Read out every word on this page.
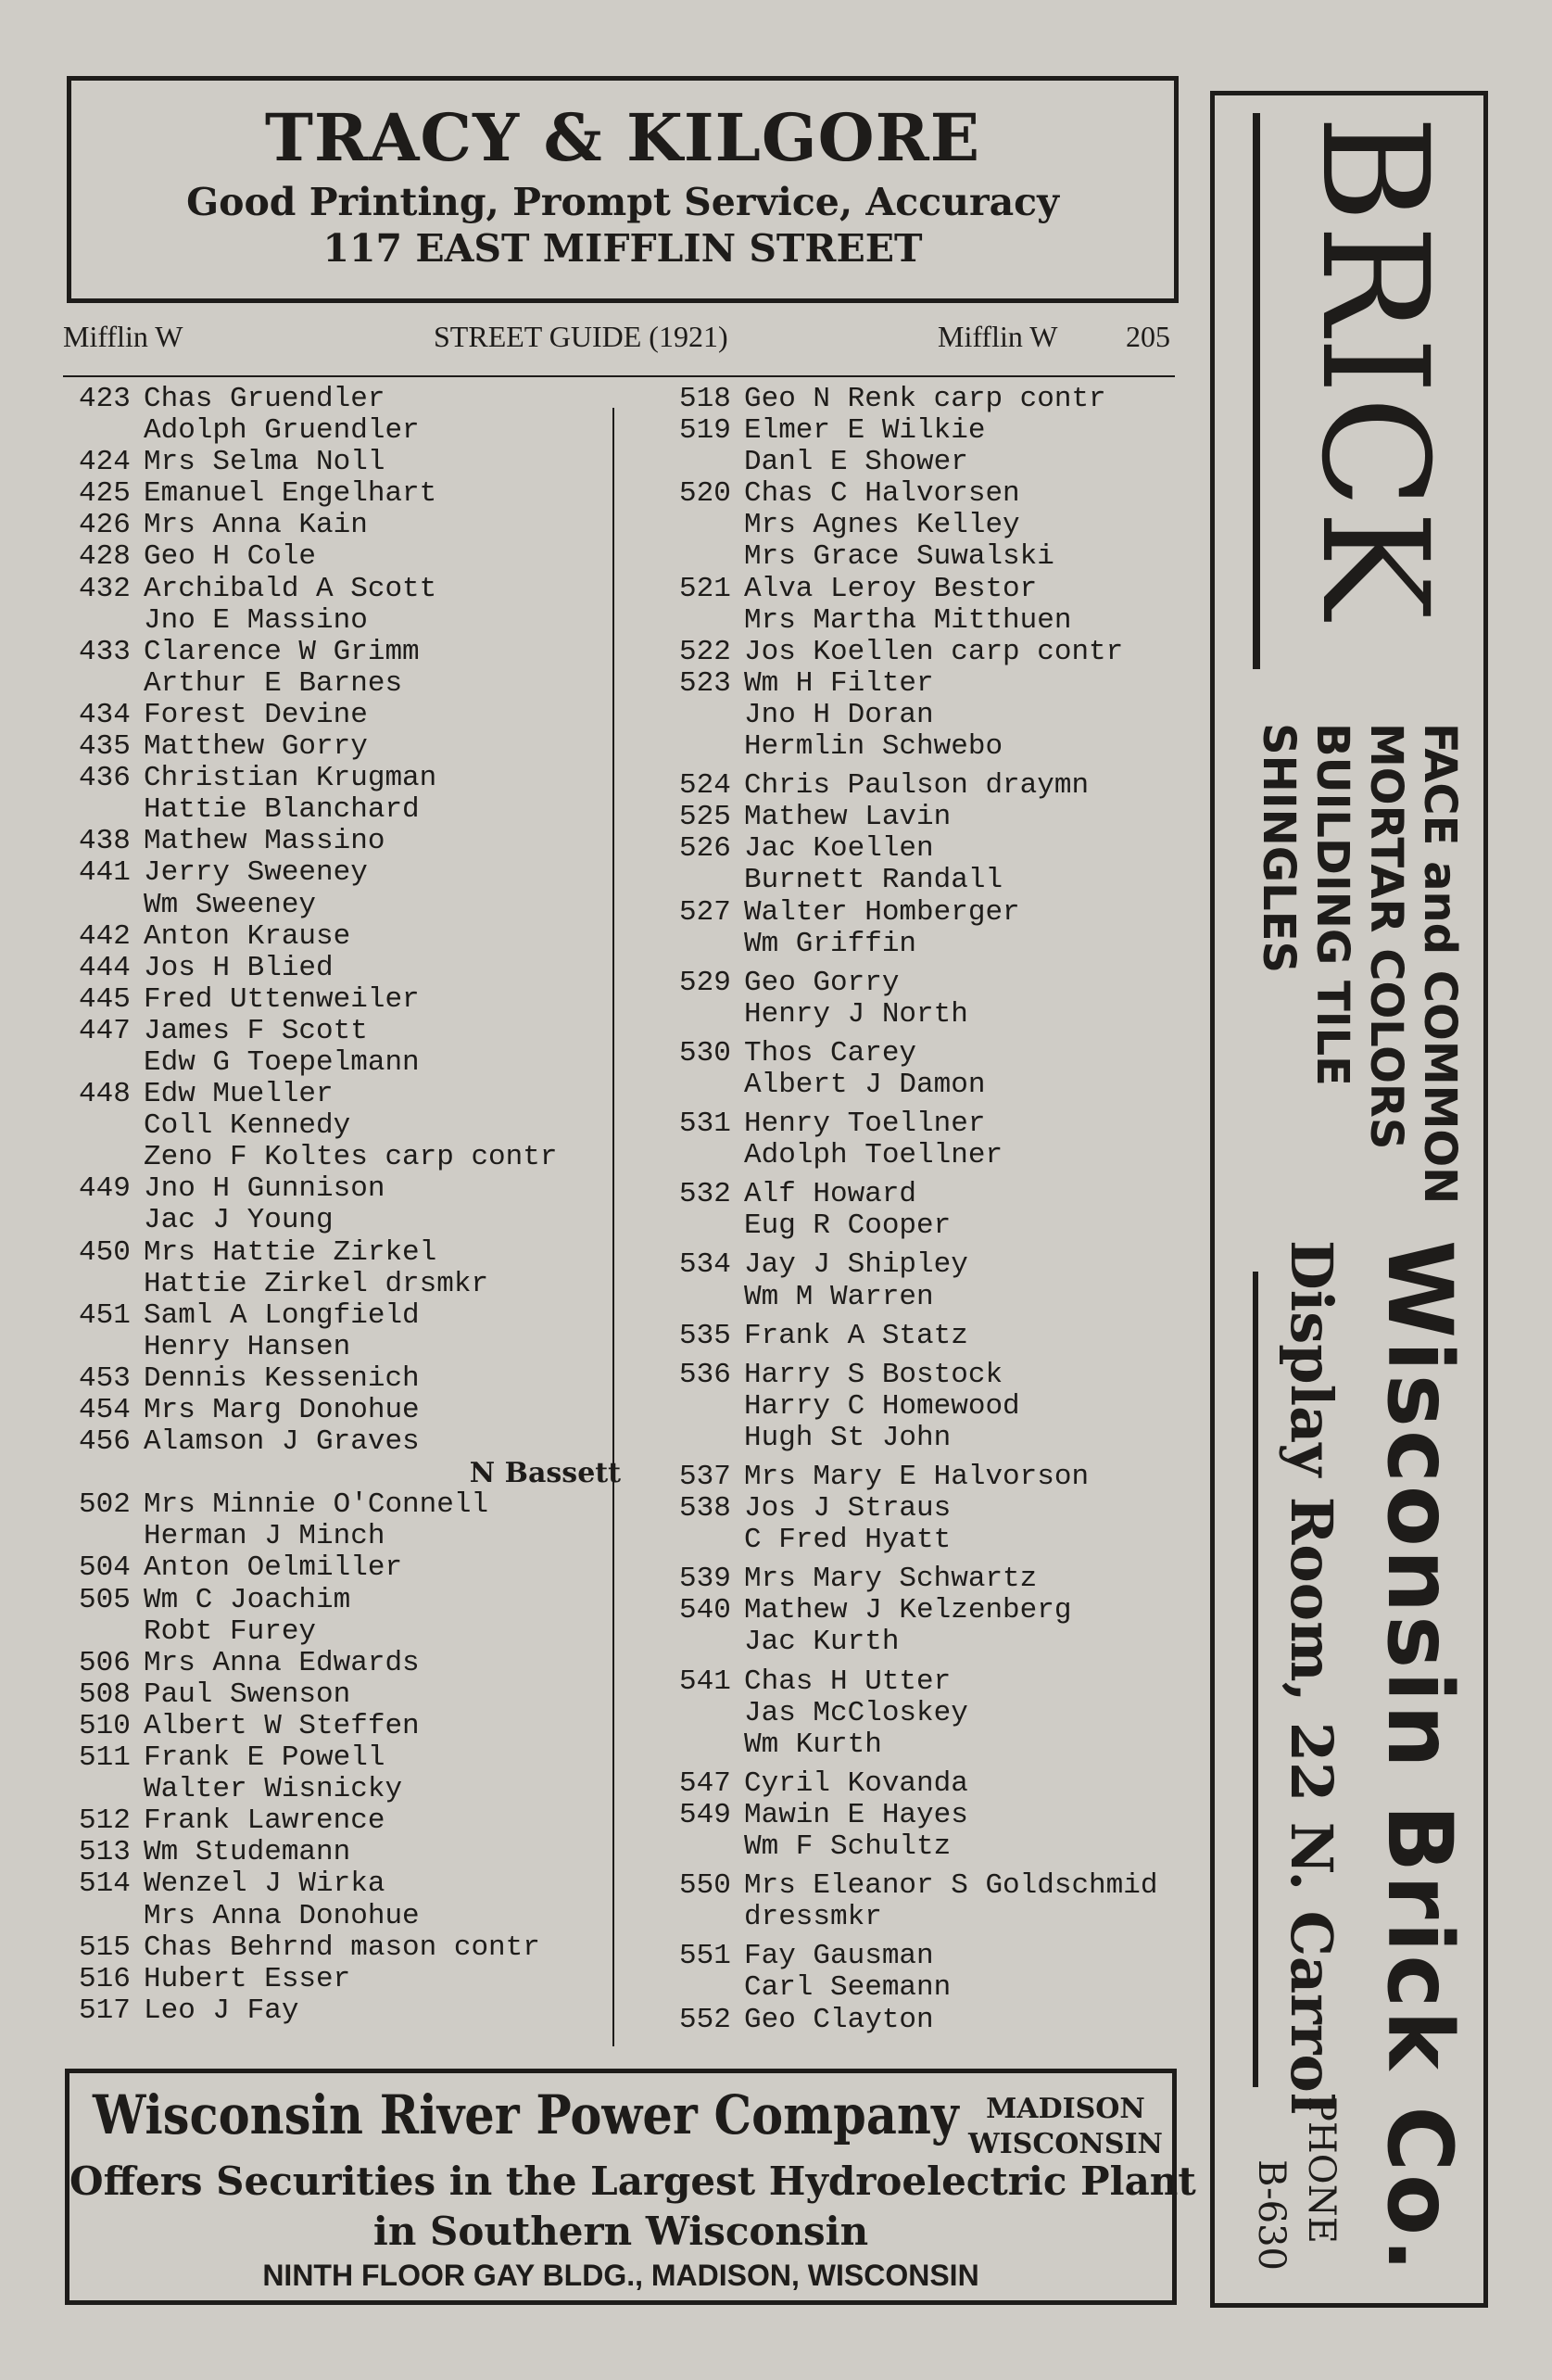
TRACY & KILGORE
Good Printing, Prompt Service, Accuracy
117 EAST MIFFLIN STREET
Mifflin W	STREET GUIDE (1921)	Mifflin W 205
423 Chas Gruendler
Adolph Gruendler
424 Mrs Selma Noll
425 Emanuel Engelhart
426 Mrs Anna Kain
428 Geo H Cole
432 Archibald A Scott
Jno E Massino
433 Clarence W Grimm
Arthur E Barnes
434 Forest Devine
435 Matthew Gorry
436 Christian Krugman
Hattie Blanchard
438 Mathew Massino
441 Jerry Sweeney
Wm Sweeney
442 Anton Krause
444 Jos H Blied
445 Fred Uttenweiler
447 James F Scott
Edw G Toepelmann
448 Edw Mueller
Coll Kennedy
Zeno F Koltes carp contr
449 Jno H Gunnison
Jac J Young
450 Mrs Hattie Zirkel
Hattie Zirkel drsmkr
451 Saml A Longfield
Henry Hansen
453 Dennis Kessenich
454 Mrs Marg Donohue
456 Alamson J Graves
N Bassett
502 Mrs Minnie O'Connell
Herman J Minch
504 Anton Oelmiller
505 Wm C Joachim
Robt Furey
506 Mrs Anna Edwards
508 Paul Swenson
510 Albert W Steffen
511 Frank E Powell
Walter Wisnicky
512 Frank Lawrence
513 Wm Studemann
514 Wenzel J Wirka
Mrs Anna Donohue
515 Chas Behrnd mason contr
516 Hubert Esser
517 Leo J Fay
518 Geo N Renk carp contr
519 Elmer E Wilkie
Danl E Shower
520 Chas C Halvorsen
Mrs Agnes Kelley
Mrs Grace Suwalski
521 Alva Leroy Bestor
Mrs Martha Mitthuen
522 Jos Koellen carp contr
523 Wm H Filter
Jno H Doran
Hermlin Schwebo
524 Chris Paulson draymn
525 Mathew Lavin
526 Jac Koellen
Burnett Randall
527 Walter Homberger
Wm Griffin
529 Geo Gorry
Henry J North
530 Thos Carey
Albert J Damon
531 Henry Toellner
Adolph Toellner
532 Alf Howard
Eug R Cooper
534 Jay J Shipley
Wm M Warren
535 Frank A Statz
536 Harry S Bostock
Harry C Homewood
Hugh St John
537 Mrs Mary E Halvorson
538 Jos J Straus
C Fred Hyatt
539 Mrs Mary Schwartz
540 Mathew J Kelzenberg
Jac Kurth
541 Chas H Utter
Jas McCloskey
Wm Kurth
547 Cyril Kovanda
549 Mawin E Hayes
Wm F Schultz
550 Mrs Eleanor S Goldschmid
dressmkr
551 Fay Gausman
Carl Seemann
552 Geo Clayton
BRICK
FACE and COMMON
MORTAR COLORS
BUILDING TILE
SHINGLES
Wisconsin Brick Co.
Display Room, 22 N. Carrol
PHONE
B-630
Wisconsin River Power Company MADISON
WISCONSIN
Offers Securities in the Largest Hydroelectric Plant
in Southern Wisconsin
NINTH FLOOR GAY BLDG., MADISON, WISCONSIN
